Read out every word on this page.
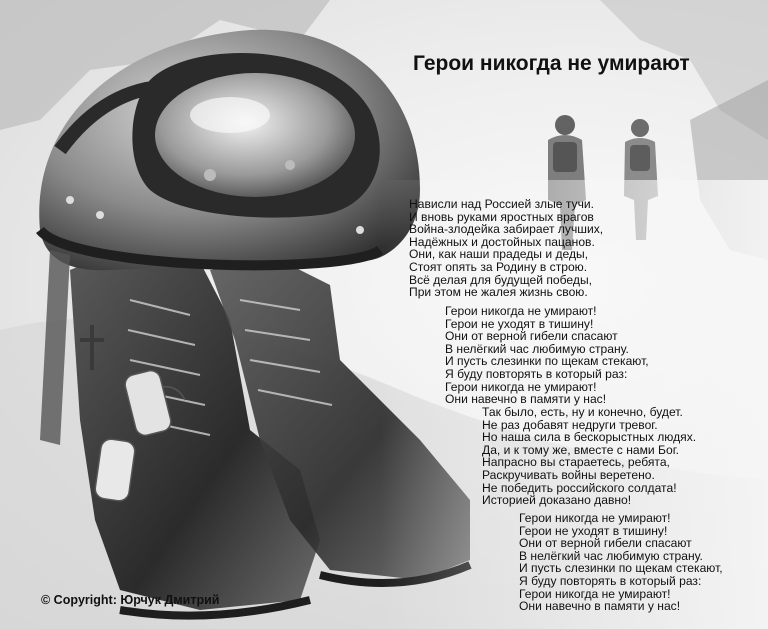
Герои никогда не умирают
Нависли над Россией злые тучи.
И вновь руками яростных врагов
Война-злодейка забирает лучших,
Надёжных и достойных пацанов.
Они, как наши прадеды и деды,
Стоят опять за Родину в строю.
Всё делая для будущей победы,
При этом не жалея жизнь свою.
Герои никогда не умирают!
Герои не уходят в тишину!
Они от верной гибели спасают
В нелёгкий час любимую страну.
И пусть слезинки по щекам стекают,
Я буду повторять в который раз:
Герои никогда не умирают!
Они навечно в памяти у нас!
Так было, есть, ну и конечно, будет.
Не раз добавят недруги тревог.
Но наша сила в бескорыстных людях.
Да, и к тому же, вместе с нами Бог.
Напрасно вы стараетесь, ребята,
Раскручивать войны веретено.
Не победить российского солдата!
Историей доказано давно!
Герои никогда не умирают!
Герои не уходят в тишину!
Они от верной гибели спасают
В нелёгкий час любимую страну.
И пусть слезинки по щекам стекают,
Я буду повторять в который раз:
Герои никогда не умирают!
Они навечно в памяти у нас!
© Copyright: Юрчук Дмитрий
